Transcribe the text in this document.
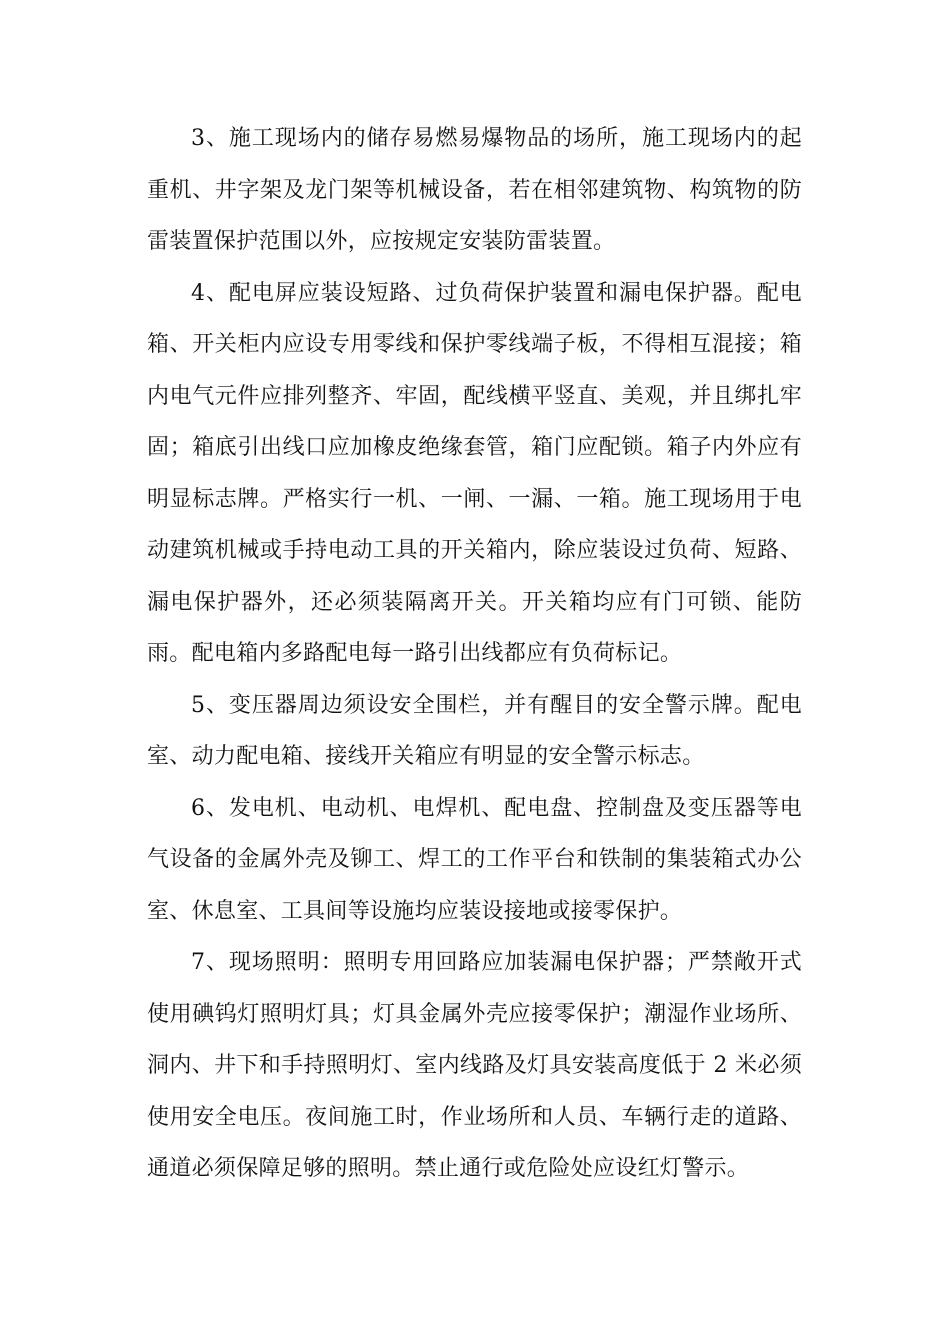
3、施工现场内的储存易燃易爆物品的场所，施工现场内的起重机、井字架及龙门架等机械设备，若在相邻建筑物、构筑物的防雷装置保护范围以外，应按规定安装防雷装置。

4、配电屏应装设短路、过负荷保护装置和漏电保护器。配电箱、开关柜内应设专用零线和保护零线端子板，不得相互混接；箱内电气元件应排列整齐、牢固，配线横平竖直、美观，并且绑扎牢固；箱底引出线口应加橡皮绝缘套管，箱门应配锁。箱子内外应有明显标志牌。严格实行一机、一闸、一漏、一箱。施工现场用于电动建筑机械或手持电动工具的开关箱内，除应装设过负荷、短路、漏电保护器外，还必须装隔离开关。开关箱均应有门可锁、能防雨。配电箱内多路配电每一路引出线都应有负荷标记。

5、变压器周边须设安全围栏，并有醒目的安全警示牌。配电室、动力配电箱、接线开关箱应有明显的安全警示标志。

6、发电机、电动机、电焊机、配电盘、控制盘及变压器等电气设备的金属外壳及铆工、焊工的工作平台和铁制的集装箱式办公室、休息室、工具间等设施均应装设接地或接零保护。

7、现场照明：照明专用回路应加装漏电保护器；严禁敞开式使用碘钨灯照明灯具；灯具金属外壳应接零保护；潮湿作业场所、洞内、井下和手持照明灯、室内线路及灯具安装高度低于 2 米必须使用安全电压。夜间施工时，作业场所和人员、车辆行走的道路、通道必须保障足够的照明。禁止通行或危险处应设红灯警示。
